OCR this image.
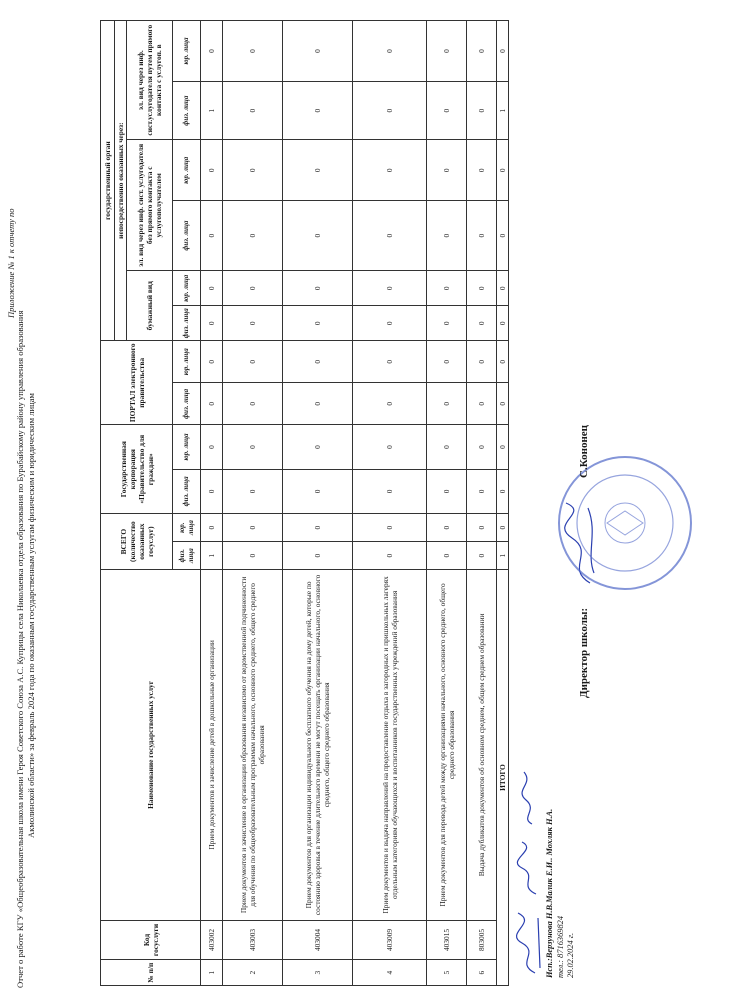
Приложение № 1 к отчету по
Отчет о работе КГУ «Общеобразовательная школа имени Героя Советского Союза А.С. Куприцы села Николаевка отдела образования по Бурабайскому району управления образования Акмолинской области» за февраль 2024 года по оказанным государственным услугам физическим и юридическим лицам
№ п/п	Код госуслуги	Наименование государственных услуг	ВСЕГО (количество оказанных госуслуг)		Государственная корпорация «Правительство для граждан»		ПОРТАЛ электронного правительства		государственный орган					
									непосредственно оказанных через:					
									бумажный вид		эл. вид через инф. сист. услугодателя без прямого контакта с услугополучателем		эл. вид через инф. сист.услугодателя путем прямого контакта с услугоп. в	
			физ. лица	юр. лица	физ. лица	юр. лица	физ. лица	юр. лица	физ. лица	юр. лица	физ. лица	юр. лица	физ. лица	юр. лица
1	403002	Прием документов и зачисление детей в дошкольные организации	1	0	0	0	0	0	0	0	0	0	1	0
2	403003	Прием документов и зачисление в организации образования независимо от ведомственной подчиненности для обучения по общеобразовательным программам начального, основного среднего, общего среднего образования	0	0	0	0	0	0	0	0	0	0	0	0
3	403004	Прием документов для организации индивидуального бесплатного обучения на дому детей, которые по состоянию здоровья в течение длительного времени не могут посещать организации начального, основного среднего, общего среднего образования	0	0	0	0	0	0	0	0	0	0	0	0
4	403009	Прием документов и выдача направлений на предоставление отдыха в загородных и пришкольных лагерях отдельным категориям обучающихся и воспитанников государственных учреждений образования	0	0	0	0	0	0	0	0	0	0	0	0
5	403015	Прием документов для перевода детей между организациями начального, основного среднего, общего среднего образования	0	0	0	0	0	0	0	0	0	0	0	0
6	803005	Выдача дубликатов документов об основном среднем, общем среднем образовании	0	0	0	0	0	0	0	0	0	0	0	0
ИТОГО			1	0	0	0	0	0	0	0	0	0	1	0
Исп.:Верзунова Н.В.Малик Е.И.. Мохляк Н.А. тел.: 8716369824 29.02.2024 г.
Директор школы:
С.Кононец
